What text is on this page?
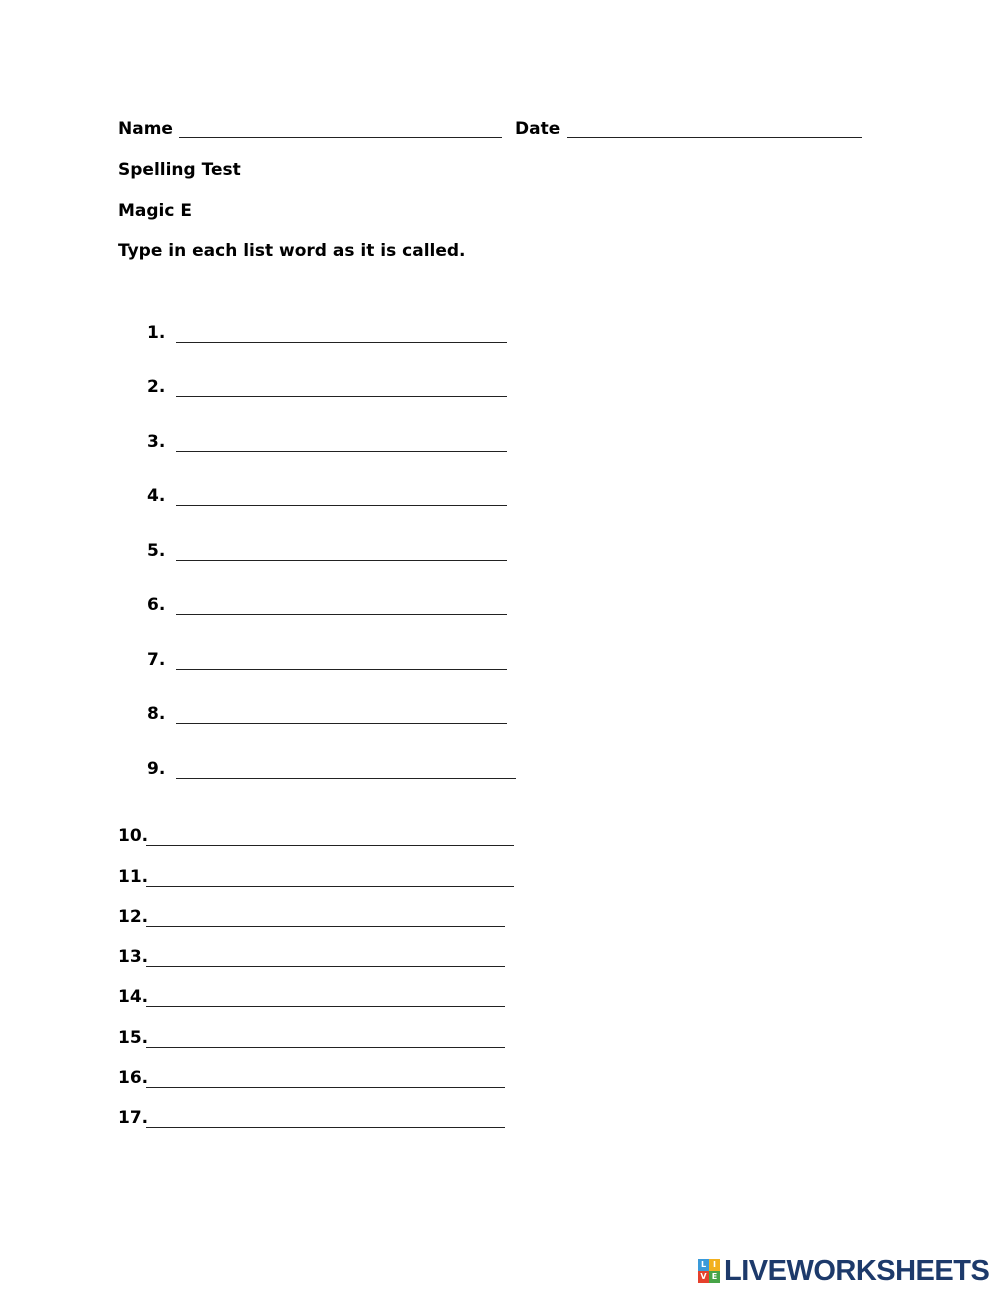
Name	Date
Spelling Test
Magic E
Type in each list word as it is called.
1.
2.
3.
4.
5.
6.
7.
8.
9.
10.
11.
12.
13.
14.
15.
16.
17.
L I
V E LIVEWORKSHEETS
